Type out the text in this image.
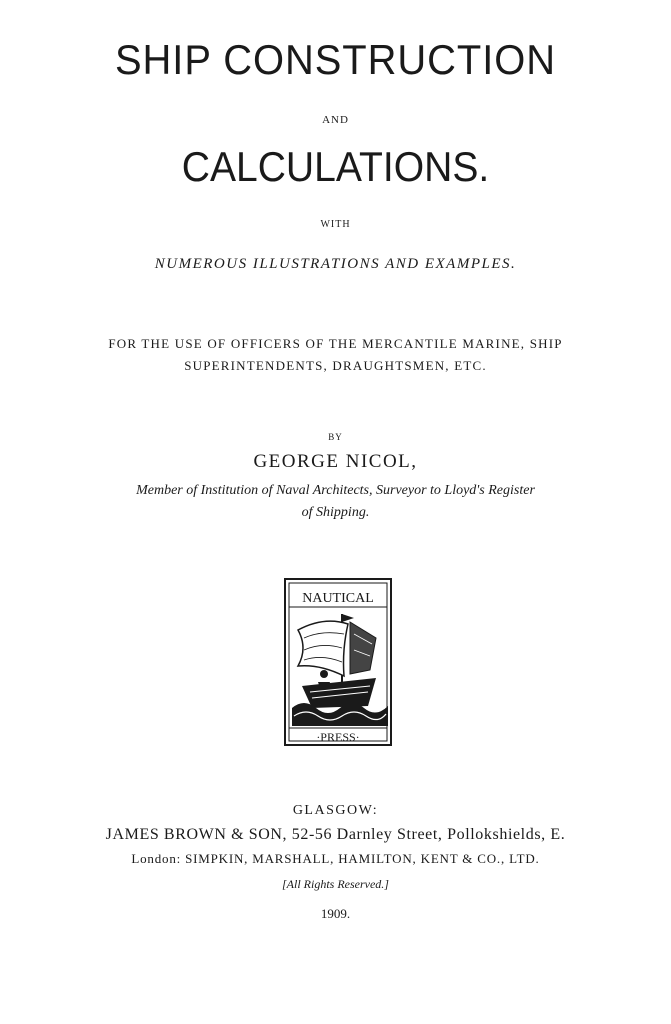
SHIP CONSTRUCTION
AND
CALCULATIONS.
WITH
NUMEROUS ILLUSTRATIONS AND EXAMPLES.
FOR THE USE OF OFFICERS OF THE MERCANTILE MARINE, SHIP
SUPERINTENDENTS, DRAUGHTSMEN, ETC.
BY
GEORGE NICOL,
Member of Institution of Naval Architects, Surveyor to Lloyd's Register
of Shipping.
NAUTICAL
·PRESS·
GLASGOW:
JAMES BROWN & SON, 52-56 Darnley Street, Pollokshields, E.
London: SIMPKIN, MARSHALL, HAMILTON, KENT & CO., LTD.
[All Rights Reserved.]
1909.
